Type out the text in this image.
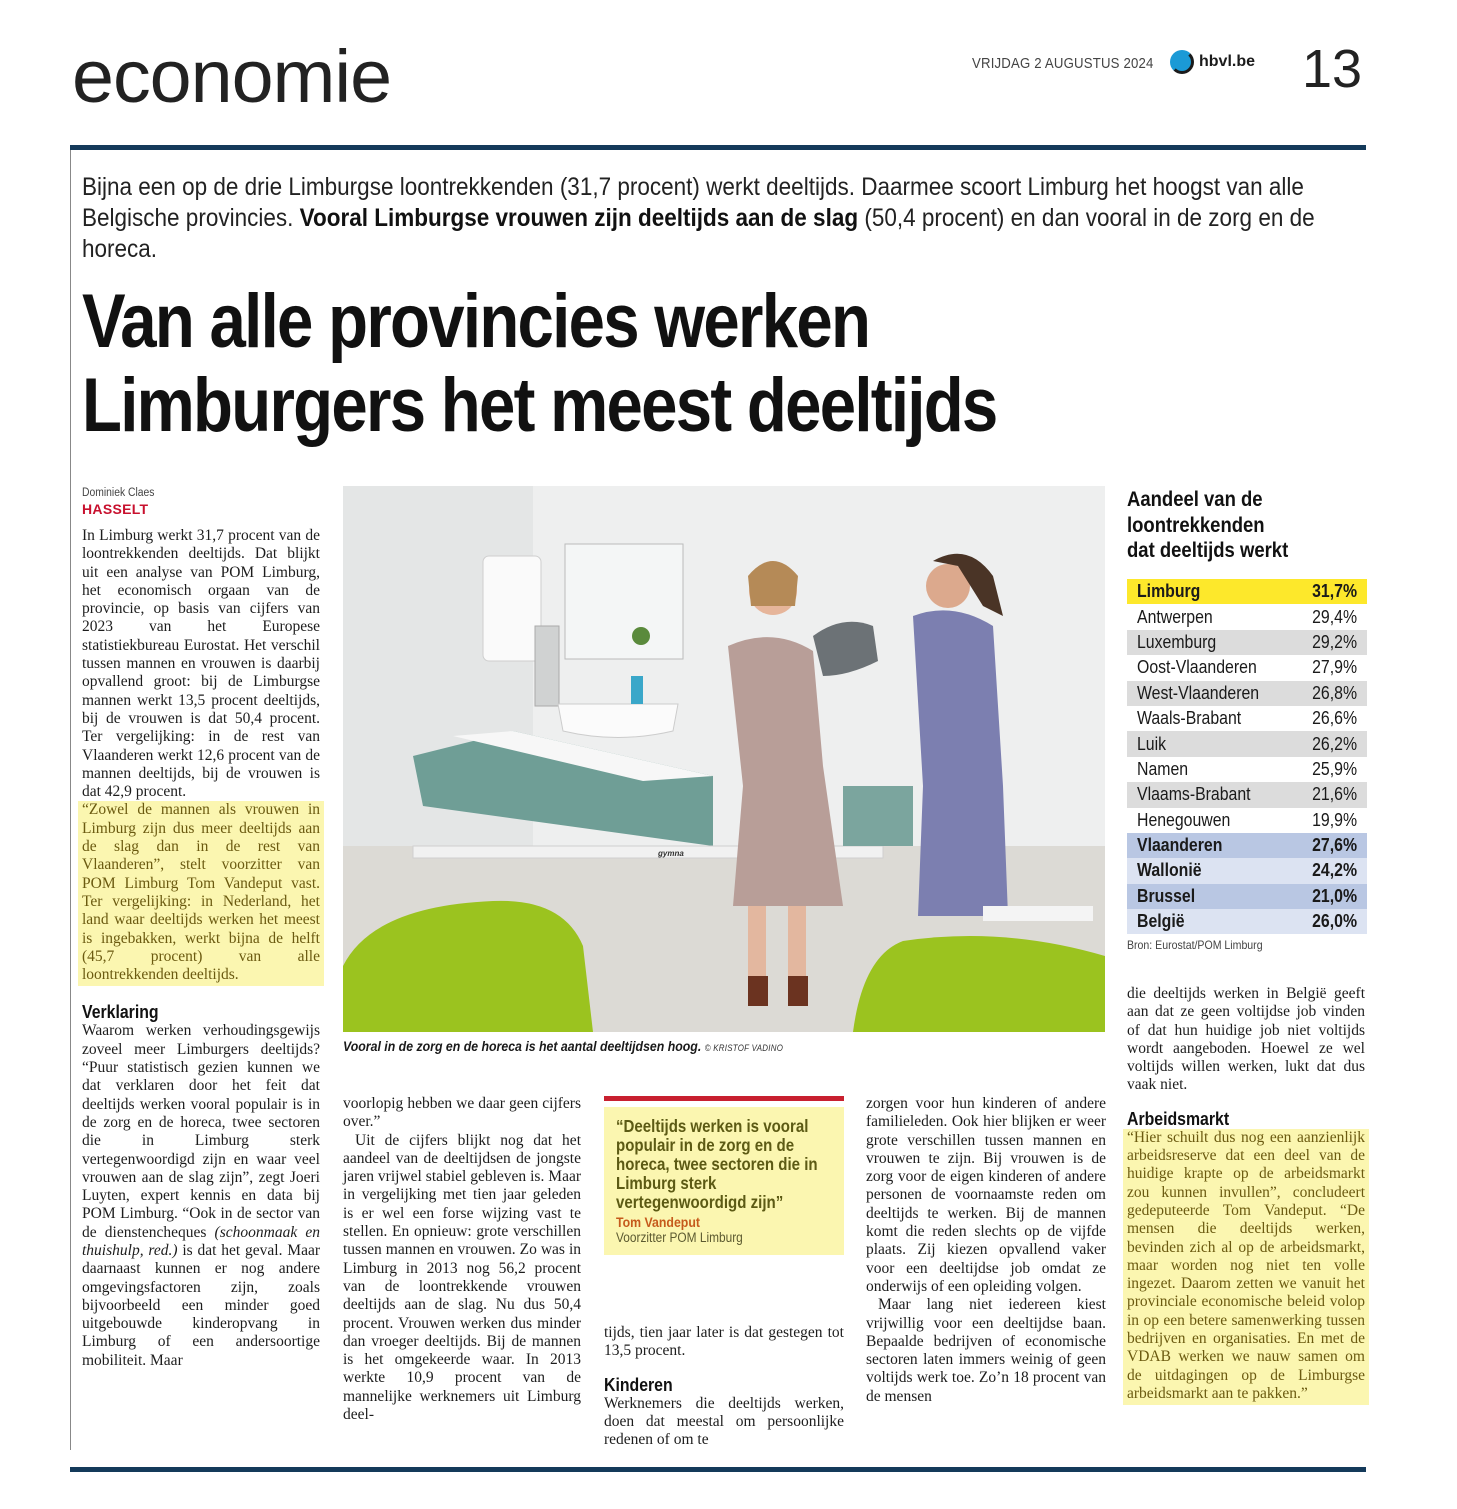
economie	VRIJDAG 2 AUGUSTUS 2024	hbvl.be 13
Bijna een op de drie Limburgse loontrekkenden (31,7 procent) werkt deeltijds. Daarmee scoort Limburg het hoogst van alle Belgische provincies. Vooral Limburgse vrouwen zijn deeltijds aan de slag (50,4 procent) en dan vooral in de zorg en de horeca.
Van alle provincies werken
Limburgers het meest deeltijds
Dominiek Claes
HASSELT

In Limburg werkt 31,7 procent van de loontrekkenden deeltijds. Dat blijkt uit een analyse van POM Limburg, het economisch orgaan van de provincie, op basis van cijfers van 2023 van het Europese statistiekbureau Eurostat. Het verschil tussen mannen en vrouwen is daarbij opvallend groot: bij de Limburgse mannen werkt 13,5 procent deeltijds, bij de vrouwen is dat 50,4 procent. Ter vergelijking: in de rest van Vlaanderen werkt 12,6 procent van de mannen deeltijds, bij de vrouwen is dat 42,9 procent.

“Zowel de mannen als vrouwen in Limburg zijn dus meer deeltijds aan de slag dan in de rest van Vlaanderen”, stelt voorzitter van POM Limburg Tom Vandeput vast. Ter vergelijking: in Nederland, het land waar deeltijds werken het meest is ingebakken, werkt bijna de helft (45,7 procent) van alle loontrekkenden deeltijds.

Verklaring

Waarom werken verhoudingsgewijs zoveel meer Limburgers deeltijds? “Puur statistisch gezien kunnen we dat verklaren door het feit dat deeltijds werken vooral populair is in de zorg en de horeca, twee sectoren die in Limburg sterk vertegenwoordigd zijn en waar veel vrouwen aan de slag zijn”, zegt Joeri Luyten, expert kennis en data bij POM Limburg. “Ook in de sector van de dienstencheques (schoonmaak en thuishulp, red.) is dat het geval. Maar daarnaast kunnen er nog andere omgevingsfactoren zijn, zoals bijvoorbeeld een minder goed uitgebouwde kinderopvang in Limburg of een andersoortige mobiliteit. Maar

gymna
Vooral in de zorg en de horeca is het aantal deeltijdsen hoog. © KRISTOF VADINO

voorlopig hebben we daar geen cijfers over.”

Uit de cijfers blijkt nog dat het aandeel van de deeltijdsen de jongste jaren vrijwel stabiel gebleven is. Maar in vergelijking met tien jaar geleden is er wel een forse wijzing vast te stellen. En opnieuw: grote verschillen tussen mannen en vrouwen. Zo was in Limburg in 2013 nog 56,2 procent van de loontrekkende vrouwen deeltijds aan de slag. Nu dus 50,4 procent. Vrouwen werken dus minder dan vroeger deeltijds. Bij de mannen is het omgekeerde waar. In 2013 werkte 10,9 procent van de mannelijke werknemers uit Limburg deel-

“Deeltijds werken is vooral populair in de zorg en de horeca, twee sectoren die in Limburg sterk vertegenwoordigd zijn”
Tom Vandeput
Voorzitter POM Limburg

tijds, tien jaar later is dat gestegen tot 13,5 procent.

Kinderen

Werknemers die deeltijds werken, doen dat meestal om persoonlijke redenen of om te

zorgen voor hun kinderen of andere familieleden. Ook hier blijken er weer grote verschillen tussen mannen en vrouwen te zijn. Bij vrouwen is de zorg voor de eigen kinderen of andere personen de voornaamste reden om deeltijds te werken. Bij de mannen komt die reden slechts op de vijfde plaats. Zij kiezen opvallend vaker voor een deeltijdse job omdat ze onderwijs of een opleiding volgen.

Maar lang niet iedereen kiest vrijwillig voor een deeltijdse baan. Bepaalde bedrijven of economische sectoren laten immers weinig of geen voltijds werk toe. Zo’n 18 procent van de mensen

Aandeel van de
loontrekkenden
dat deeltijds werkt
Limburg	31,7%
Antwerpen	29,4%
Luxemburg	29,2%
Oost-Vlaanderen	27,9%
West-Vlaanderen	26,8%
Waals-Brabant	26,6%
Luik	26,2%
Namen	25,9%
Vlaams-Brabant	21,6%
Henegouwen	19,9%
Vlaanderen	27,6%
Wallonië	24,2%
Brussel	21,0%
België	26,0%
Bron: Eurostat/POM Limburg

die deeltijds werken in België geeft aan dat ze geen voltijdse job vinden of dat hun huidige job niet voltijds wordt aangeboden. Hoewel ze wel voltijds willen werken, lukt dat dus vaak niet.

Arbeidsmarkt

“Hier schuilt dus nog een aanzienlijk arbeidsreserve dat een deel van de huidige krapte op de arbeidsmarkt zou kunnen invullen”, concludeert gedeputeerde Tom Vandeput. “De mensen die deeltijds werken, bevinden zich al op de arbeidsmarkt, maar worden nog niet ten volle ingezet. Daarom zetten we vanuit het provinciale economische beleid volop in op een betere samenwerking tussen bedrijven en organisaties. En met de VDAB werken we nauw samen om de uitdagingen op de Limburgse arbeidsmarkt aan te pakken.”
